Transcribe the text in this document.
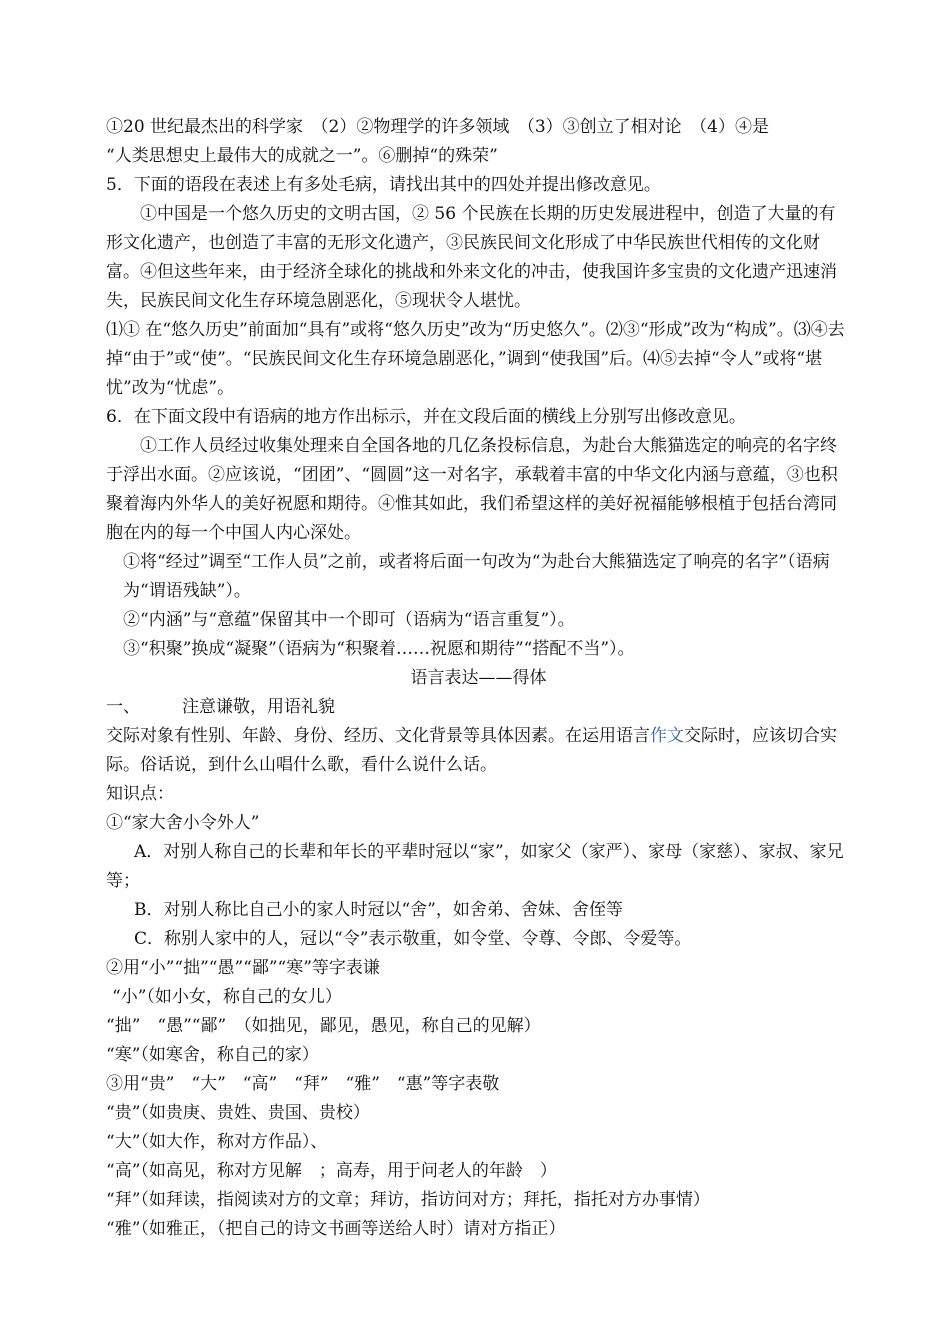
①20 世纪最杰出的科学家　（2）②物理学的许多领域　（3）③创立了相对论　（4）④是
“人类思想史上最伟大的成就之一”。⑥删掉“的殊荣”
5．下面的语段在表述上有多处毛病，请找出其中的四处并提出修改意见。
①中国是一个悠久历史的文明古国，② 56 个民族在长期的历史发展进程中，创造了大量的有形文化遗产，也创造了丰富的无形文化遗产，③民族民间文化形成了中华民族世代相传的文化财富。④但这些年来，由于经济全球化的挑战和外来文化的冲击，使我国许多宝贵的文化遗产迅速消失，民族民间文化生存环境急剧恶化，⑤现状令人堪忧。
⑴① 在“悠久历史”前面加“具有”或将“悠久历史”改为“历史悠久”。⑵③“形成”改为“构成”。⑶④去掉“由于”或“使”。“民族民间文化生存环境急剧恶化，”调到“使我国”后。⑷⑤去掉“令人”或将“堪忧”改为“忧虑”。
6．在下面文段中有语病的地方作出标示，并在文段后面的横线上分别写出修改意见。
①工作人员经过收集处理来自全国各地的几亿条投标信息，为赴台大熊猫选定的响亮的名字终于浮出水面。②应该说，“团团”、“圆圆”这一对名字，承载着丰富的中华文化内涵与意蕴，③也积聚着海内外华人的美好祝愿和期待。④惟其如此，我们希望这样的美好祝福能够根植于包括台湾同胞在内的每一个中国人内心深处。
①将“经过”调至“工作人员”之前，或者将后面一句改为“为赴台大熊猫选定了响亮的名字”（语病为“谓语残缺”）。
②“内涵”与“意蕴”保留其中一个即可（语病为“语言重复”）。
③“积聚”换成“凝聚”（语病为“积聚着……祝愿和期待”“搭配不当”）。
语言表达——得体
一、 注意谦敬，用语礼貌
交际对象有性别、年龄、身份、经历、文化背景等具体因素。在运用语言作文交际时，应该切合实际。俗话说，到什么山唱什么歌，看什么说什么话。
知识点：
①“家大舍小令外人”
A．对别人称自己的长辈和年长的平辈时冠以“家”，如家父（家严）、家母（家慈）、家叔、家兄等；
B．对别人称比自己小的家人时冠以“舍”，如舍弟、舍妹、舍侄等
C．称别人家中的人，冠以“令”表示敬重，如令堂、令尊、令郎、令爱等。
②用“小”“拙”“愚”“鄙”“寒”等字表谦
“小”（如小女，称自己的女儿）
“拙”　“愚”“鄙”　（如拙见，鄙见，愚见，称自己的见解）
“寒”（如寒舍，称自己的家）
③用“贵”　“大”　“高”　“拜”　“雅”　“惠”等字表敬
“贵”（如贵庚、贵姓、贵国、贵校）
“大”（如大作，称对方作品）、
“高”（如高见，称对方见解　；高寿，用于问老人的年龄　）
“拜”（如拜读，指阅读对方的文章；拜访，指访问对方；拜托，指托对方办事情）
“雅”（如雅正，（把自己的诗文书画等送给人时）请对方指正）
